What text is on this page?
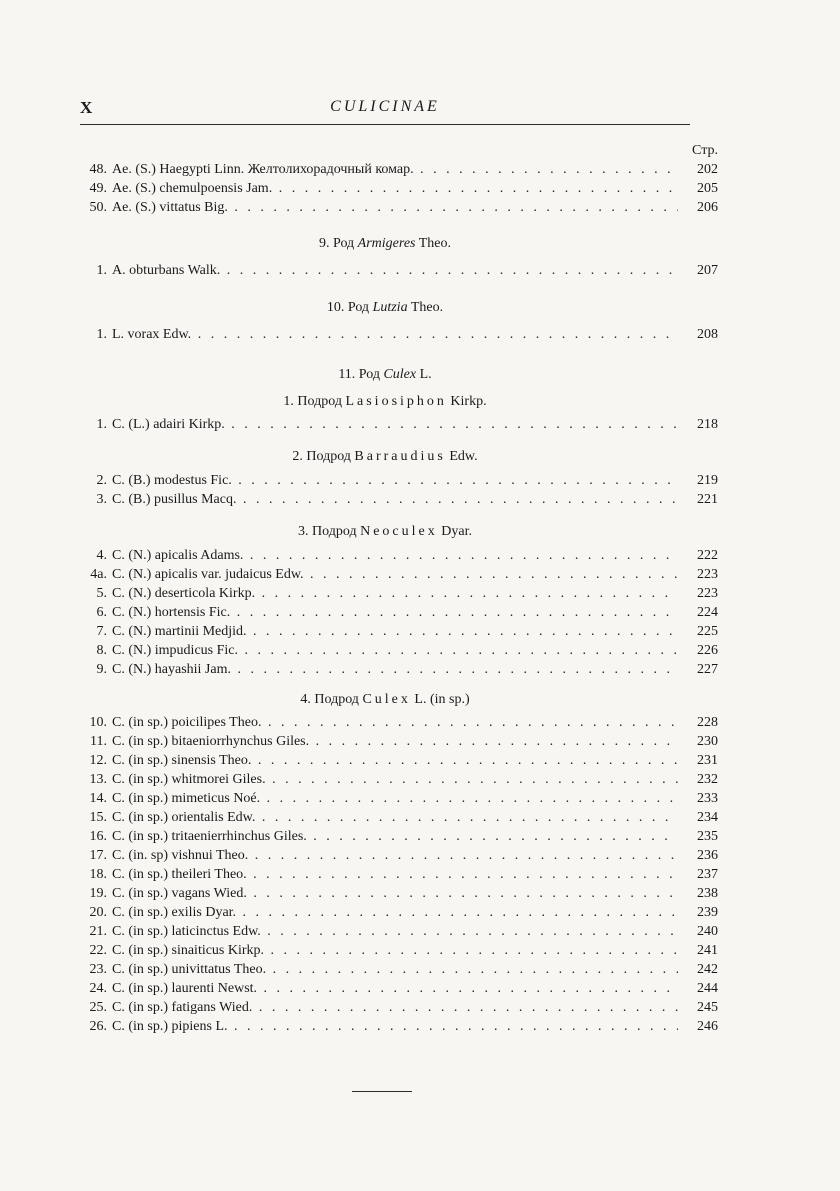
X	CULICINAE
Стр.
48. Ae. (S.) Haegypti Linn. Желтолихорадочный комар. . . .	202
49. Ae. (S.) chemulpoensis Jam. . . .	205
50. Ae. (S.) vittatus Big. . . .	206
9. Род Armigeres Theo.
1. A. obturbans Walk. . . .	207
10. Род Lutzia Theo.
1. L. vorax Edw. . . .	208
11. Род Culex L.
1. Подрод Lasiosiphon Kirkp.
1. C. (L.) adairi Kirkp. . . .	218
2. Подрод Barraudius Edw.
2. C. (B.) modestus Fic. . . .	219
3. C. (B.) pusillus Macq. . . .	221
3. Подрод Neoculex Dyar.
4. C. (N.) apicalis Adams. . . .	222
4a. C. (N.) apicalis var. judaicus Edw. . . .	223
5. C. (N.) deserticola Kirkp. . . .	223
6. C. (N.) hortensis Fic. . . .	224
7. C. (N.) martinii Medjid. . . .	225
8. C. (N.) impudicus Fic. . . .	226
9. C. (N.) hayashii Jam. . . .	227
4. Подрод Culex L. (in sp.)
10. C. (in sp.) poicilipes Theo. . . .	228
11. C. (in sp.) bitaeniorrhynchus Giles. . . .	230
12. C. (in sp.) sinensis Theo. . . .	231
13. C. (in sp.) whitmorei Giles. . . .	232
14. C. (in sp.) mimeticus Noé. . . .	233
15. C. (in sp.) orientalis Edw. . . .	234
16. C. (in sp.) tritaenierrhinchus Giles. . . .	235
17. C. (in. sp) vishnui Theo. . . .	236
18. C. (in sp.) theileri Theo. . . .	237
19. C. (in sp.) vagans Wied. . . .	238
20. C. (in sp.) exilis Dyar. . . .	239
21. C. (in sp.) laticinctus Edw. . . .	240
22. C. (in sp.) sinaiticus Kirkp. . . .	241
23. C. (in sp.) univittatus Theo. . . .	242
24. C. (in sp.) laurenti Newst. . . .	244
25. C. (in sp.) fatigans Wied. . . .	245
26. C. (in sp.) pipiens L. . . .	246
